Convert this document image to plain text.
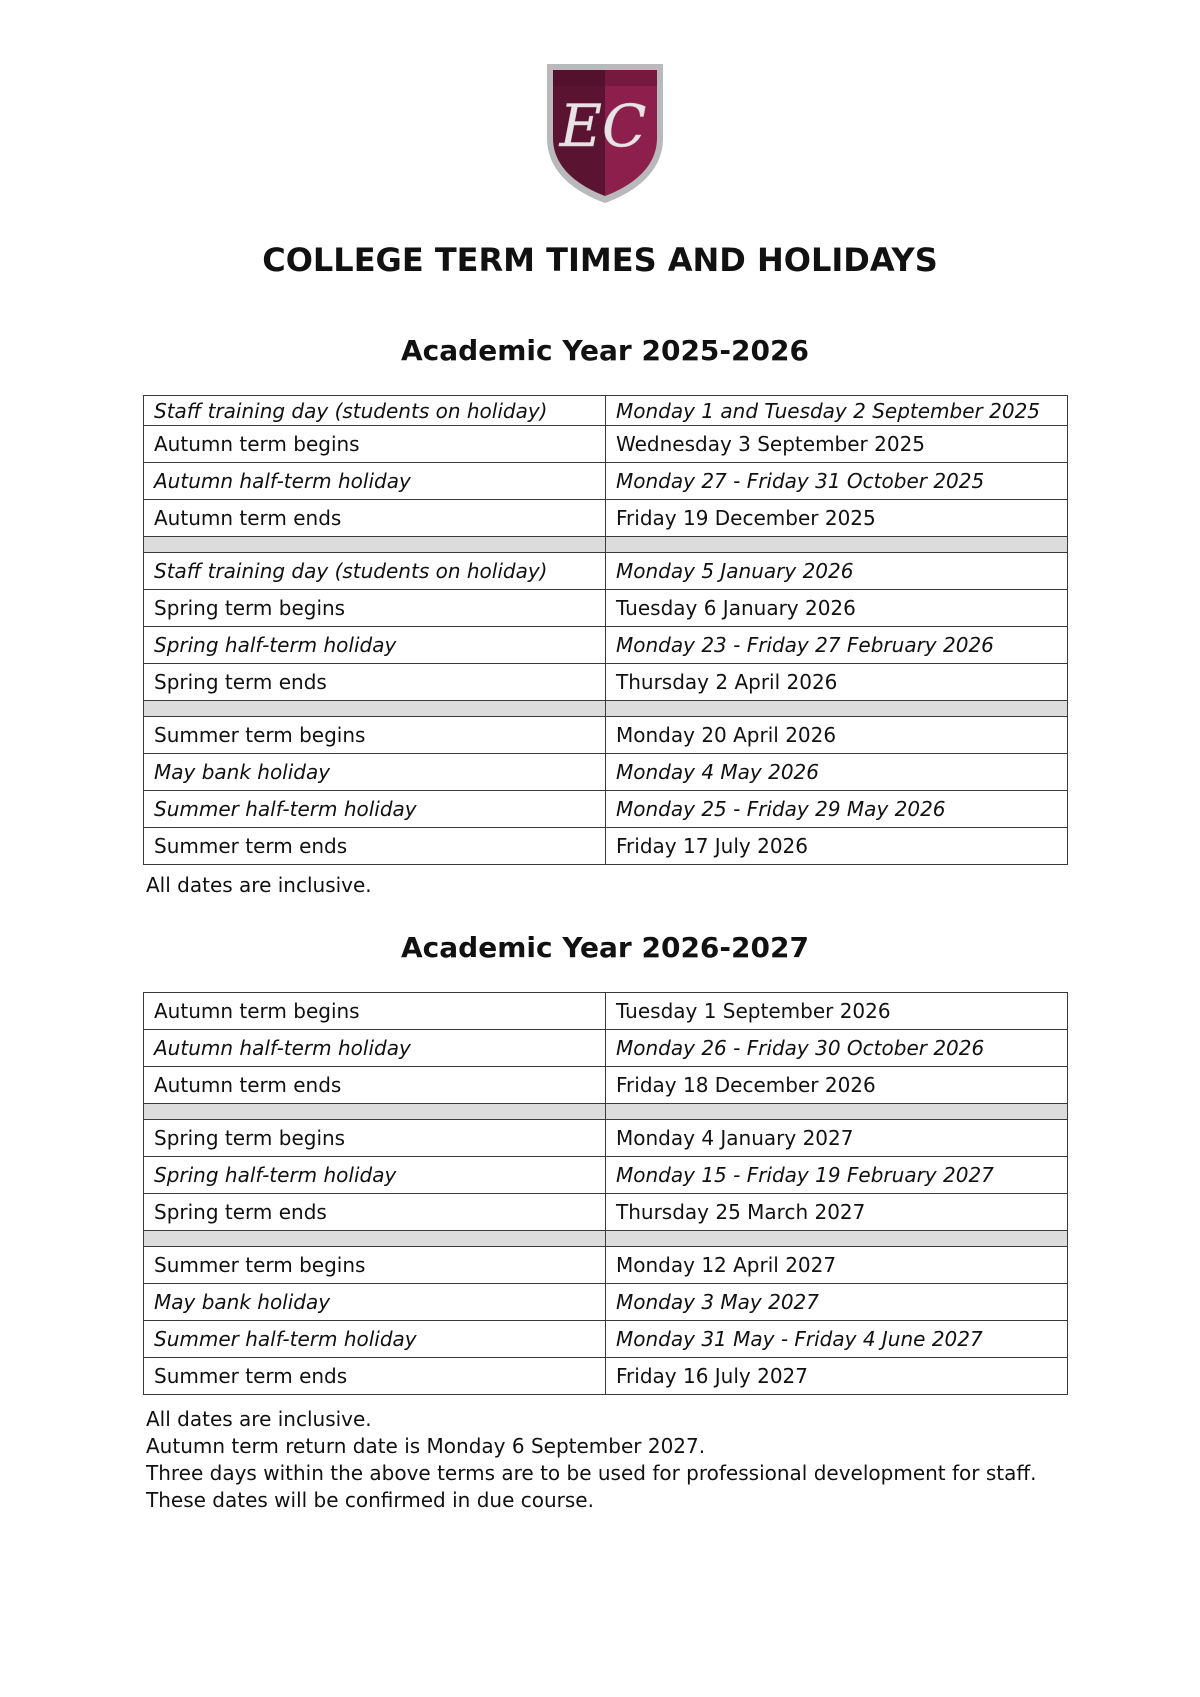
EC
COLLEGE TERM TIMES AND HOLIDAYS
Academic Year 2025-2026
Staff training day (students on holiday)	Monday 1 and Tuesday 2 September 2025
Autumn term begins	Wednesday 3 September 2025
Autumn half-term holiday	Monday 27 - Friday 31 October 2025
Autumn term ends	Friday 19 December 2025

Staff training day (students on holiday)	Monday 5 January 2026
Spring term begins	Tuesday 6 January 2026
Spring half-term holiday	Monday 23 - Friday 27 February 2026
Spring term ends	Thursday 2 April 2026

Summer term begins	Monday 20 April 2026
May bank holiday	Monday 4 May 2026
Summer half-term holiday	Monday 25 - Friday 29 May 2026
Summer term ends	Friday 17 July 2026

All dates are inclusive.

Academic Year 2026-2027
Autumn term begins	Tuesday 1 September 2026
Autumn half-term holiday	Monday 26 - Friday 30 October 2026
Autumn term ends	Friday 18 December 2026

Spring term begins	Monday 4 January 2027
Spring half-term holiday	Monday 15 - Friday 19 February 2027
Spring term ends	Thursday 25 March 2027

Summer term begins	Monday 12 April 2027
May bank holiday	Monday 3 May 2027
Summer half-term holiday	Monday 31 May - Friday 4 June 2027
Summer term ends	Friday 16 July 2027

All dates are inclusive.

Autumn term return date is Monday 6 September 2027.

Three days within the above terms are to be used for professional development for staff.

These dates will be confirmed in due course.
